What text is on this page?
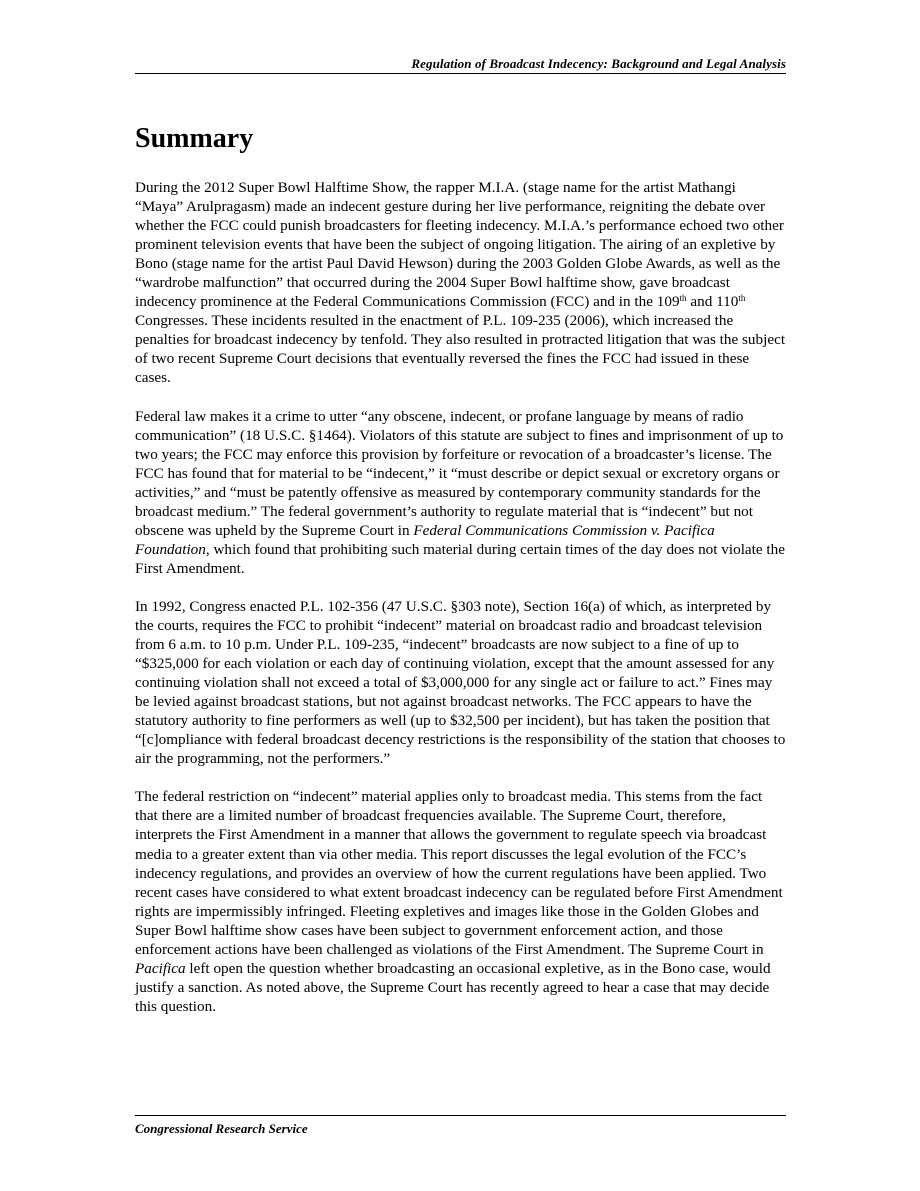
Regulation of Broadcast Indecency: Background and Legal Analysis
Summary

During the 2012 Super Bowl Halftime Show, the rapper M.I.A. (stage name for the artist Mathangi “Maya” Arulpragasm) made an indecent gesture during her live performance, reigniting the debate over whether the FCC could punish broadcasters for fleeting indecency. M.I.A.’s performance echoed two other prominent television events that have been the subject of ongoing litigation. The airing of an expletive by Bono (stage name for the artist Paul David Hewson) during the 2003 Golden Globe Awards, as well as the “wardrobe malfunction” that occurred during the 2004 Super Bowl halftime show, gave broadcast indecency prominence at the Federal Communications Commission (FCC) and in the 109th and 110th Congresses. These incidents resulted in the enactment of P.L. 109-235 (2006), which increased the penalties for broadcast indecency by tenfold. They also resulted in protracted litigation that was the subject of two recent Supreme Court decisions that eventually reversed the fines the FCC had issued in these cases.

Federal law makes it a crime to utter “any obscene, indecent, or profane language by means of radio communication” (18 U.S.C. §1464). Violators of this statute are subject to fines and imprisonment of up to two years; the FCC may enforce this provision by forfeiture or revocation of a broadcaster’s license. The FCC has found that for material to be “indecent,” it “must describe or depict sexual or excretory organs or activities,” and “must be patently offensive as measured by contemporary community standards for the broadcast medium.” The federal government’s authority to regulate material that is “indecent” but not obscene was upheld by the Supreme Court in Federal Communications Commission v. Pacifica Foundation, which found that prohibiting such material during certain times of the day does not violate the First Amendment.

In 1992, Congress enacted P.L. 102-356 (47 U.S.C. §303 note), Section 16(a) of which, as interpreted by the courts, requires the FCC to prohibit “indecent” material on broadcast radio and broadcast television from 6 a.m. to 10 p.m. Under P.L. 109-235, “indecent” broadcasts are now subject to a fine of up to “$325,000 for each violation or each day of continuing violation, except that the amount assessed for any continuing violation shall not exceed a total of $3,000,000 for any single act or failure to act.” Fines may be levied against broadcast stations, but not against broadcast networks. The FCC appears to have the statutory authority to fine performers as well (up to $32,500 per incident), but has taken the position that “[c]ompliance with federal broadcast decency restrictions is the responsibility of the station that chooses to air the programming, not the performers.”

The federal restriction on “indecent” material applies only to broadcast media. This stems from the fact that there are a limited number of broadcast frequencies available. The Supreme Court, therefore, interprets the First Amendment in a manner that allows the government to regulate speech via broadcast media to a greater extent than via other media. This report discusses the legal evolution of the FCC’s indecency regulations, and provides an overview of how the current regulations have been applied. Two recent cases have considered to what extent broadcast indecency can be regulated before First Amendment rights are impermissibly infringed. Fleeting expletives and images like those in the Golden Globes and Super Bowl halftime show cases have been subject to government enforcement action, and those enforcement actions have been challenged as violations of the First Amendment. The Supreme Court in Pacifica left open the question whether broadcasting an occasional expletive, as in the Bono case, would justify a sanction. As noted above, the Supreme Court has recently agreed to hear a case that may decide this question.

Congressional Research Service
